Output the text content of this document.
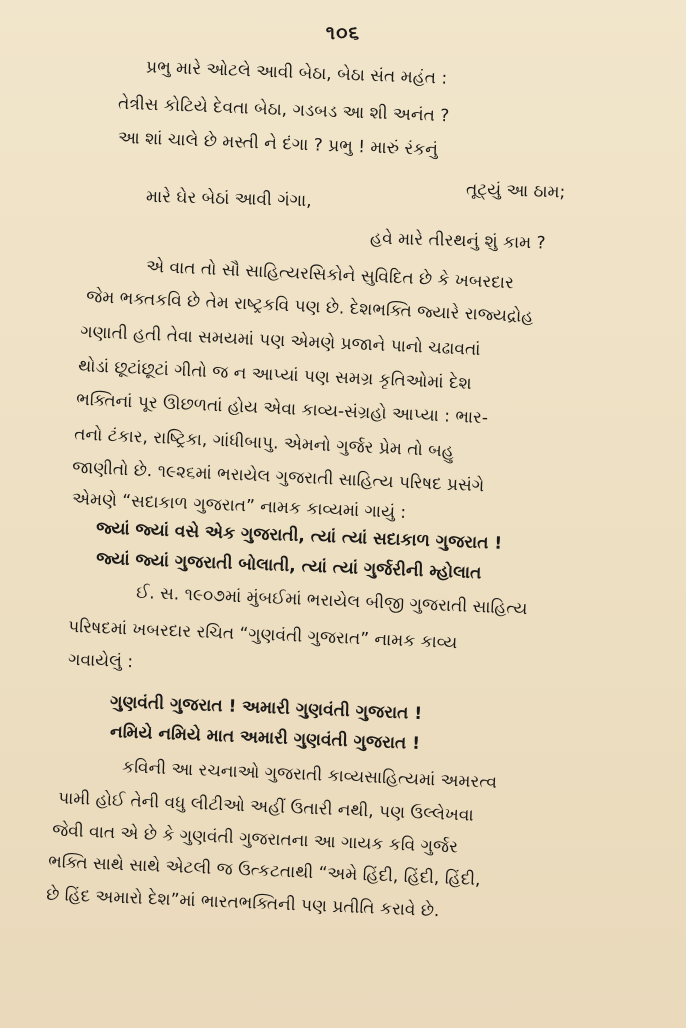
૧૦૬
પ્રભુ મારે ઓટલે આવી બેઠા, બેઠા સંત મહંત :
તેત્રીસ કોટિયે દેવતા બેઠા, ગડબડ આ શી અનંત ?
આ શાં ચાલે છે મસ્તી ને દંગા ? પ્રભુ ! મારું રંકનું
તૂટ્યું આ ઠામ;
મારે ઘેર બેઠાં આવી ગંગા,
હવે મારે તીરથનું શું કામ ?
એ વાત તો સૌ સાહિત્યરસિકોને સુવિદિત છે કે ખબરદાર
જેમ ભક્તકવિ છે તેમ રાષ્ટ્રકવિ પણ છે. દેશભક્તિ જ્યારે રાજ્યદ્રોહ
ગણાતી હતી તેવા સમયમાં પણ એમણે પ્રજાને પાનો ચઢાવતાં
થોડાં છૂટાંછૂટાં ગીતો જ ન આપ્યાં પણ સમગ્ર કૃતિઓમાં દેશ
ભક્તિનાં પૂર ઊછળતાં હોય એવા કાવ્ય-સંગ્રહો આપ્યા : ભાર-
તનો ટંકાર, રાષ્ટ્રિકા, ગાંધીબાપુ. એમનો ગુર્જર પ્રેમ તો બહુ
જાણીતો છે. ૧૯૨૬માં ભરાયેલ ગુજરાતી સાહિત્ય પરિષદ પ્રસંગે
એમણે “સદાકાળ ગુજરાત” નામક કાવ્યમાં ગાયું :
જ્યાં જ્યાં વસે એક ગુજરાતી, ત્યાં ત્યાં સદાકાળ ગુજરાત !
જ્યાં જ્યાં ગુજરાતી બોલાતી, ત્યાં ત્યાં ગુર્જરીની મ્હોલાત
ઈ. સ. ૧૯૦૭માં મુંબઈમાં ભરાયેલ બીજી ગુજરાતી સાહિત્ય
પરિષદમાં ખબરદાર રચિત “ગુણવંતી ગુજરાત” નામક કાવ્ય
ગવાયેલું :
ગુણવંતી ગુજરાત ! અમારી ગુણવંતી ગુજરાત !
નમિયે નમિયે માત અમારી ગુણવંતી ગુજરાત !
કવિની આ રચનાઓ ગુજરાતી કાવ્યસાહિત્યમાં અમરત્વ
પામી હોઈ તેની વધુ લીટીઓ અહીં ઉતારી નથી, પણ ઉલ્લેખવા
જેવી વાત એ છે કે ગુણવંતી ગુજરાતના આ ગાયક કવિ ગુર્જર
ભક્તિ સાથે સાથે એટલી જ ઉત્કટતાથી “અમે હિંદી, હિંદી, હિંદી,
છે હિંદ અમારો દેશ”માં ભારતભક્તિની પણ પ્રતીતિ કરાવે છે.
